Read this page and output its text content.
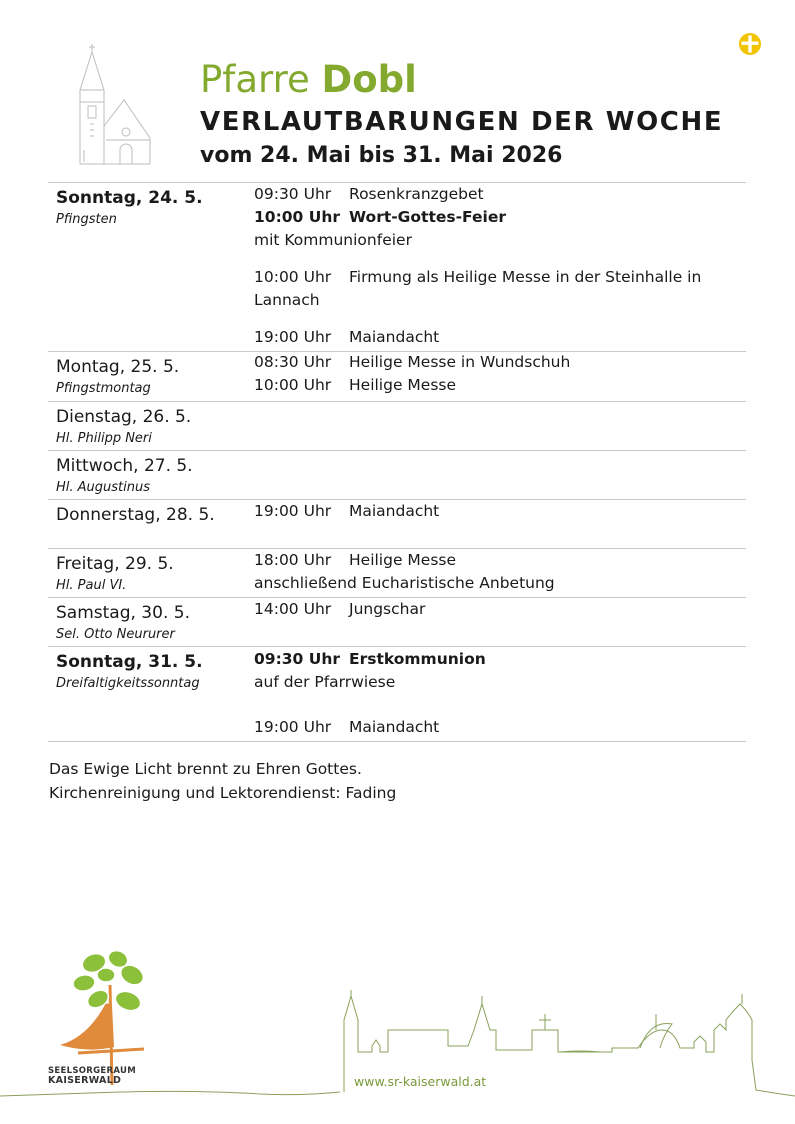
Pfarre Dobl
VERLAUTBARUNGEN DER WOCHE
vom 24. Mai bis 31. Mai 2026
Sonntag, 24. 5.
Pfingsten
09:30 Uhr Rosenkranzgebet
10:00 Uhr Wort-Gottes-Feier
mit Kommunionfeier
10:00 Uhr Firmung als Heilige Messe in der Steinhalle in
Lannach
19:00 Uhr Maiandacht
Montag, 25. 5.
Pfingstmontag
08:30 Uhr Heilige Messe in Wundschuh
10:00 Uhr Heilige Messe
Dienstag, 26. 5.
Hl. Philipp Neri
Mittwoch, 27. 5.
Hl. Augustinus
Donnerstag, 28. 5.	19:00 Uhr Maiandacht
Freitag, 29. 5.
Hl. Paul VI.
18:00 Uhr Heilige Messe
anschließend Eucharistische Anbetung
Samstag, 30. 5.
Sel. Otto Neururer
14:00 Uhr Jungschar
Sonntag, 31. 5.
Dreifaltigkeitssonntag
09:30 Uhr Erstkommunion
auf der Pfarrwiese
19:00 Uhr Maiandacht
Das Ewige Licht brennt zu Ehren Gottes.
Kirchenreinigung und Lektorendienst: Fading
SEELSORGERAUM
KAISERWALD	www.sr-kaiserwald.at
